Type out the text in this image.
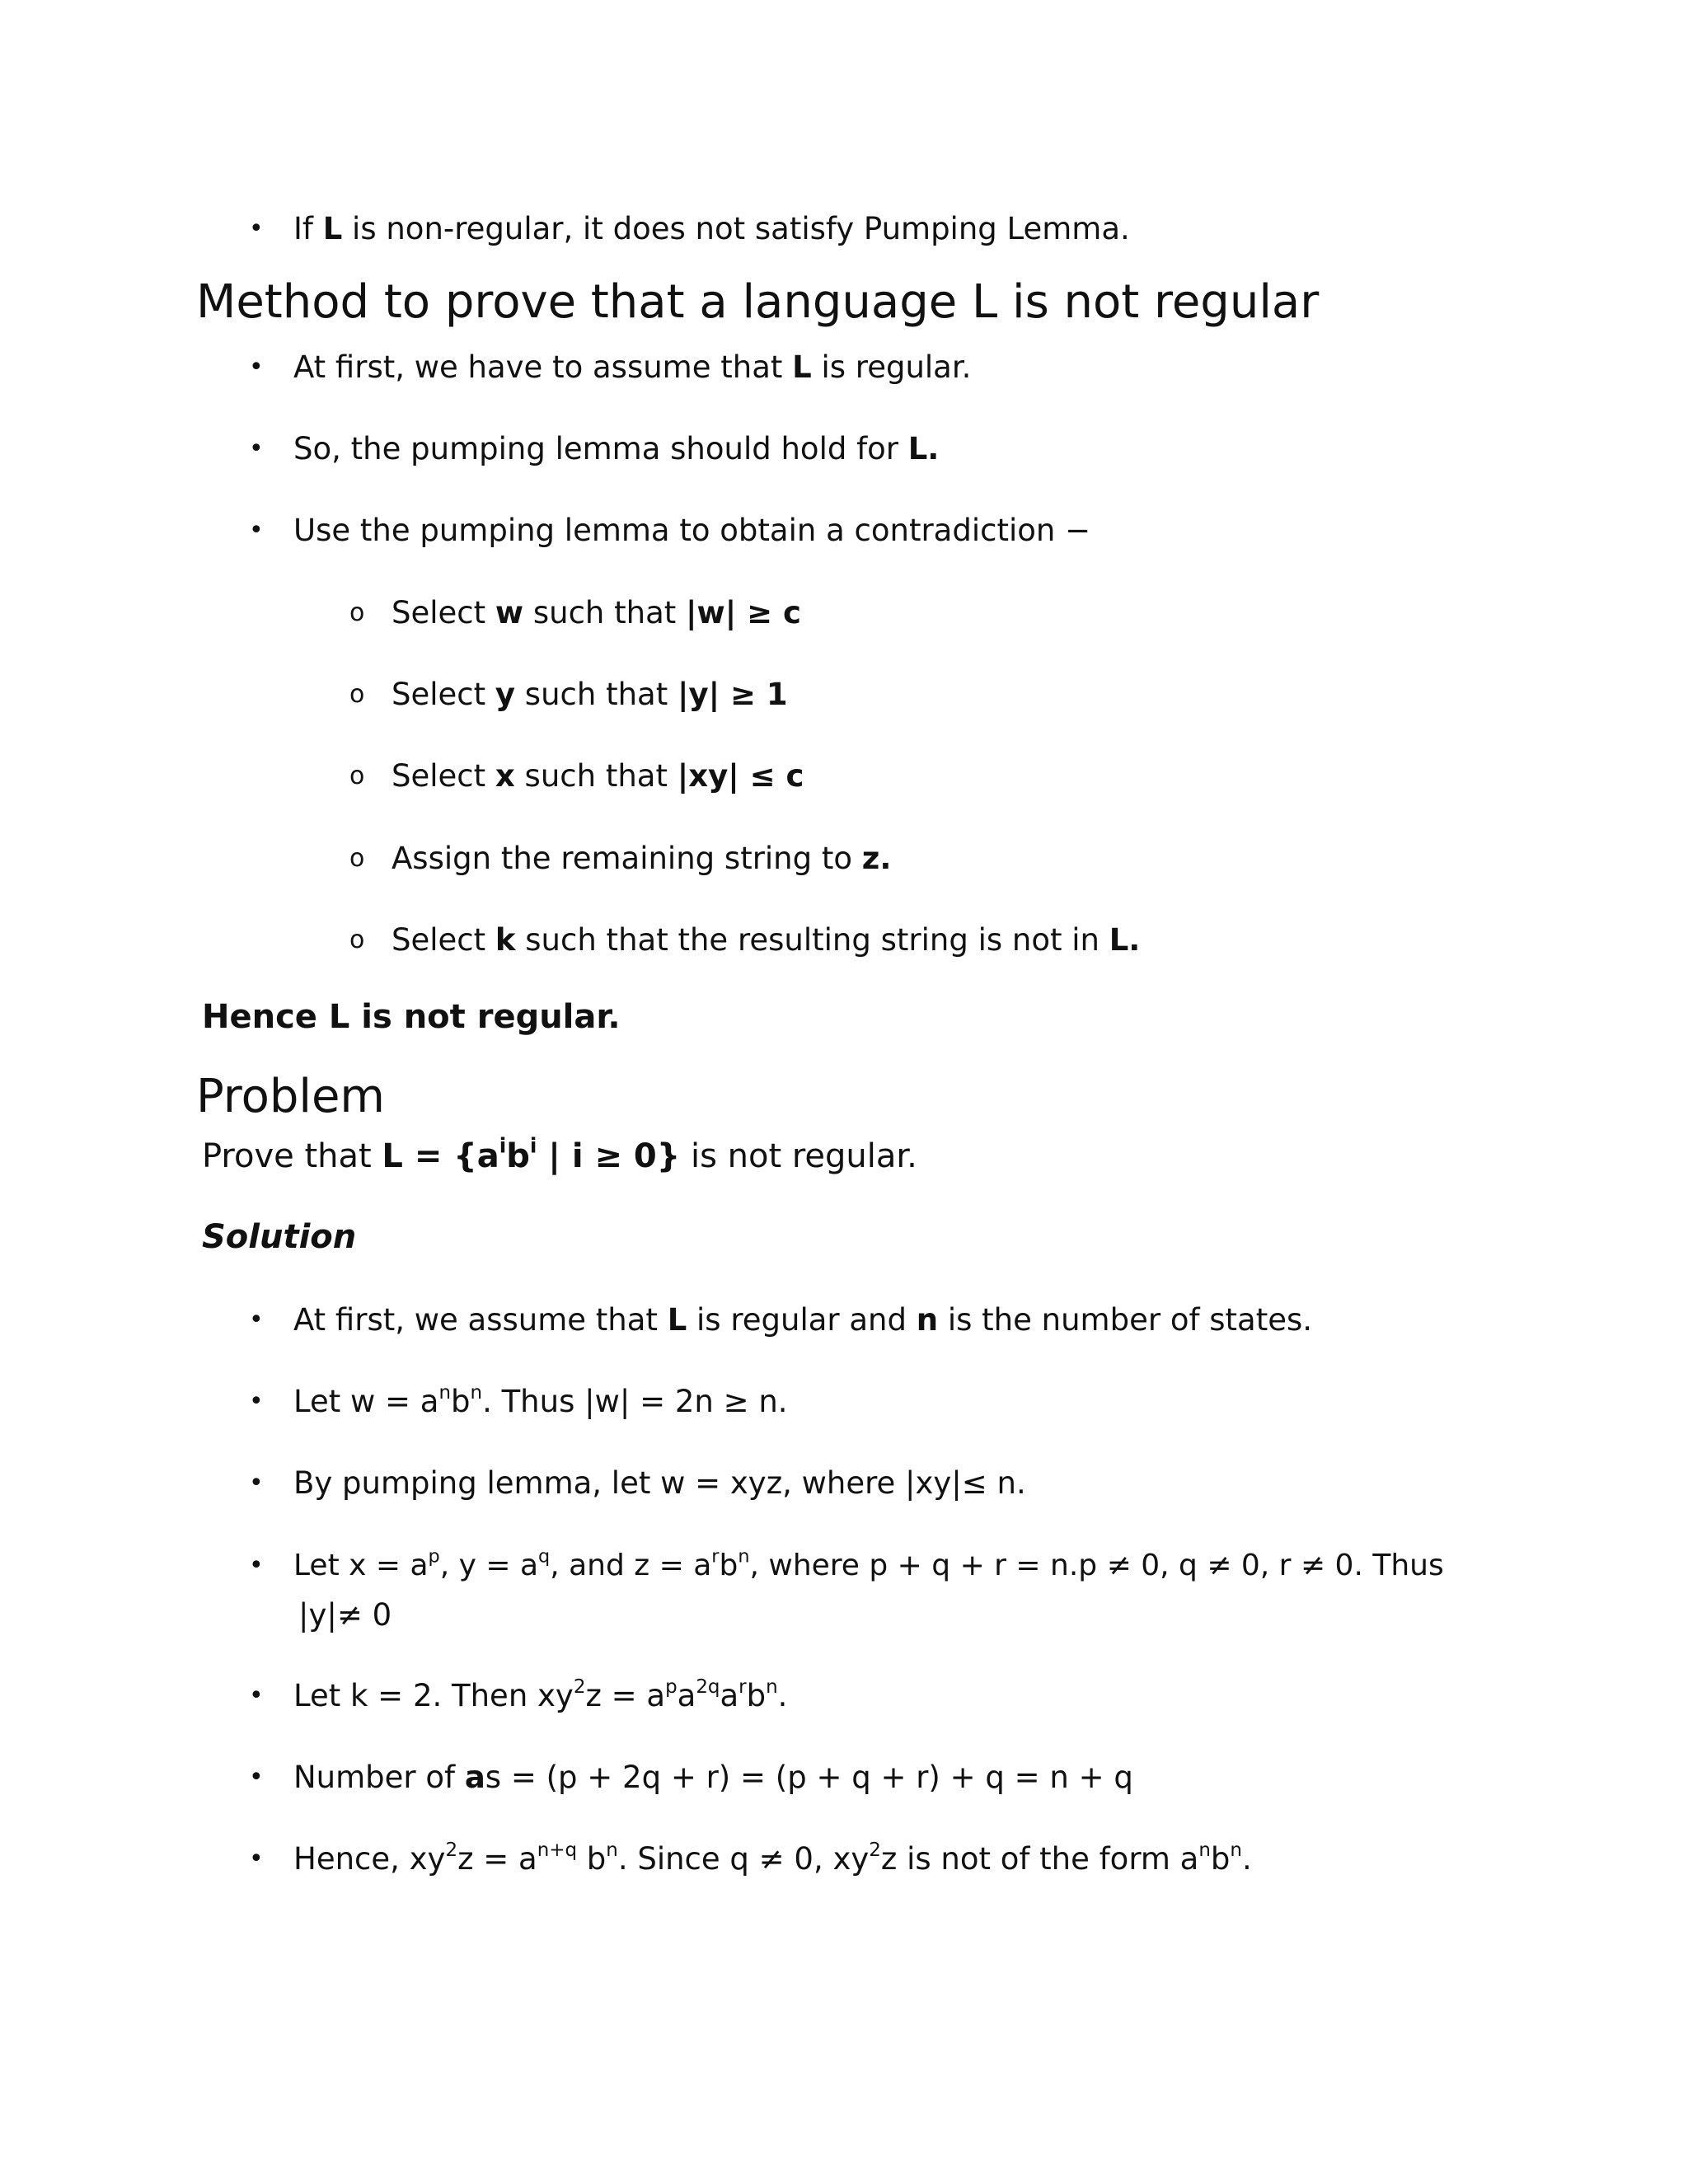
• If L is non-regular, it does not satisfy Pumping Lemma.
Method to prove that a language L is not regular
• At first, we have to assume that L is regular.
• So, the pumping lemma should hold for L.
• Use the pumping lemma to obtain a contradiction −
o Select w such that |w| ≥ c
o Select y such that |y| ≥ 1
o Select x such that |xy| ≤ c
o Assign the remaining string to z.
o Select k such that the resulting string is not in L.
Hence L is not regular.
Problem
Prove that $L = \{a^ib^i$ | i ≥ 0} is not regular.
Solution
• At first, we assume that L is regular and n is the number of states.
• Let $w = a^nb^n$. Thus |w| = 2n ≥ n.
• By pumping lemma, let w = xyz, where |xy|≤ n.
• Let $x = a^p$, $y = a^q$, and $z = a^rb^n$, where p + q + r = n.p ≠ 0, q ≠ 0, r ≠ 0. Thus
|y|≠ 0
• Let k = 2. Then $xy^2z = a^pa^{2q}a^rb^n$.
• Number of as = (p + 2q + r) = (p + q + r) + q = n + q
• Hence, $xy^2z = a^{n+q}$ $b^n$. Since q ≠ 0, $xy^2z$ is not of the form $a^nb^n$.
